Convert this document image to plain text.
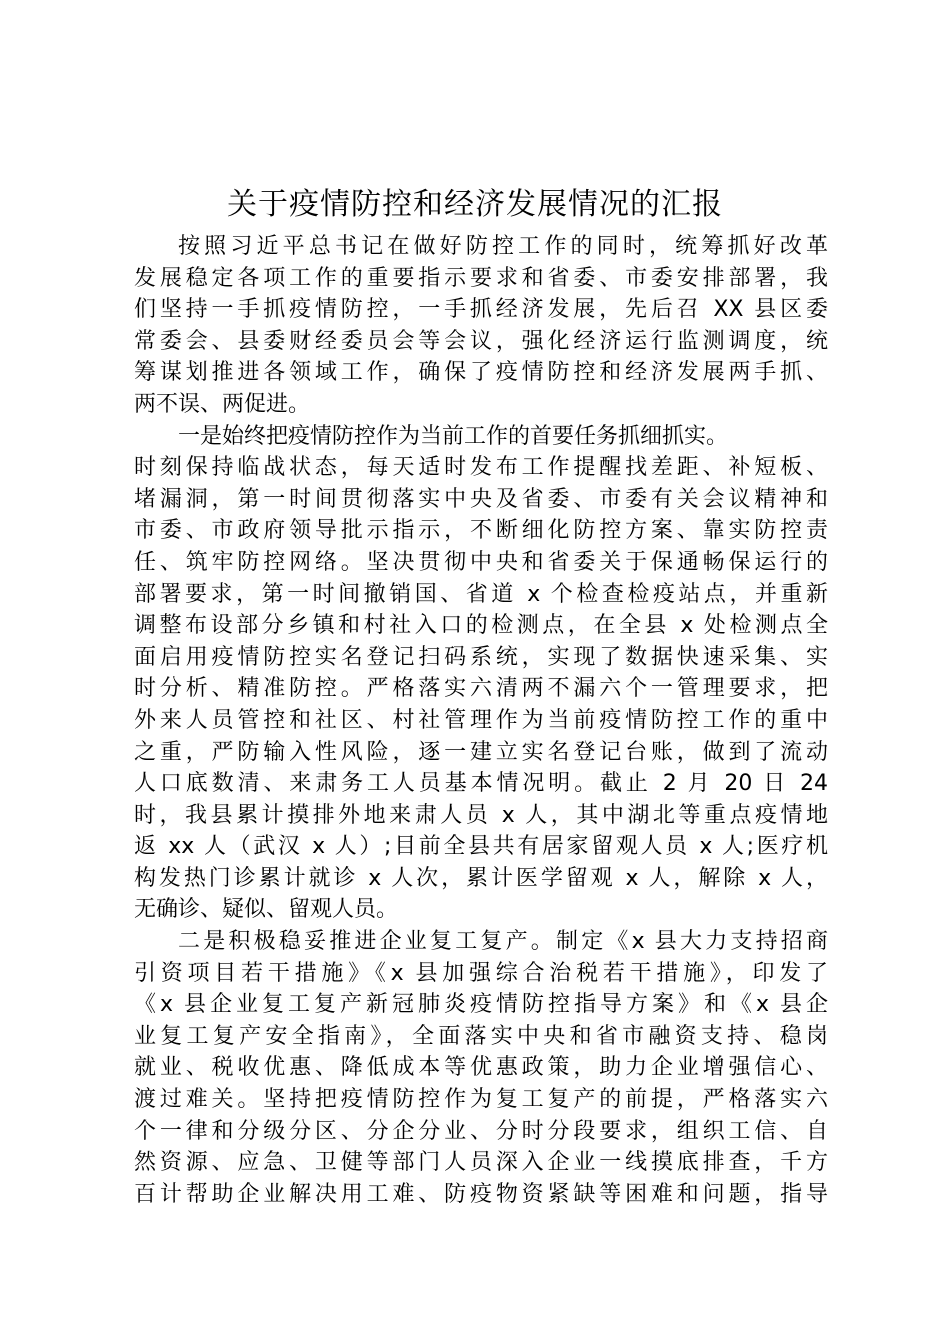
关于疫情防控和经济发展情况的汇报
按照习近平总书记在做好防控工作的同时，统筹抓好改革
发展稳定各项工作的重要指示要求和省委、市委安排部署，我
们坚持一手抓疫情防控，一手抓经济发展，先后召 XX 县区委
常委会、县委财经委员会等会议，强化经济运行监测调度，统
筹谋划推进各领域工作，确保了疫情防控和经济发展两手抓、
两不误、两促进。
一是始终把疫情防控作为当前工作的首要任务抓细抓实。
时刻保持临战状态，每天适时发布工作提醒找差距、补短板、
堵漏洞，第一时间贯彻落实中央及省委、市委有关会议精神和
市委、市政府领导批示指示，不断细化防控方案、靠实防控责
任、筑牢防控网络。坚决贯彻中央和省委关于保通畅保运行的
部署要求，第一时间撤销国、省道 x 个检查检疫站点，并重新
调整布设部分乡镇和村社入口的检测点，在全县 x 处检测点全
面启用疫情防控实名登记扫码系统，实现了数据快速采集、实
时分析、精准防控。严格落实六清两不漏六个一管理要求，把
外来人员管控和社区、村社管理作为当前疫情防控工作的重中
之重，严防输入性风险，逐一建立实名登记台账，做到了流动
人口底数清、来肃务工人员基本情况明。截止 2 月 20 日 24
时，我县累计摸排外地来肃人员 x 人，其中湖北等重点疫情地
返 xx 人（武汉 x 人）;目前全县共有居家留观人员 x 人;医疗机
构发热门诊累计就诊 x 人次，累计医学留观 x 人，解除 x 人，
无确诊、疑似、留观人员。
二是积极稳妥推进企业复工复产。制定《x 县大力支持招商
引资项目若干措施》《x 县加强综合治税若干措施》，印发了
《x 县企业复工复产新冠肺炎疫情防控指导方案》和《x 县企
业复工复产安全指南》，全面落实中央和省市融资支持、稳岗
就业、税收优惠、降低成本等优惠政策，助力企业增强信心、
渡过难关。坚持把疫情防控作为复工复产的前提，严格落实六
个一律和分级分区、分企分业、分时分段要求，组织工信、自
然资源、应急、卫健等部门人员深入企业一线摸底排查，千方
百计帮助企业解决用工难、防疫物资紧缺等困难和问题，指导
